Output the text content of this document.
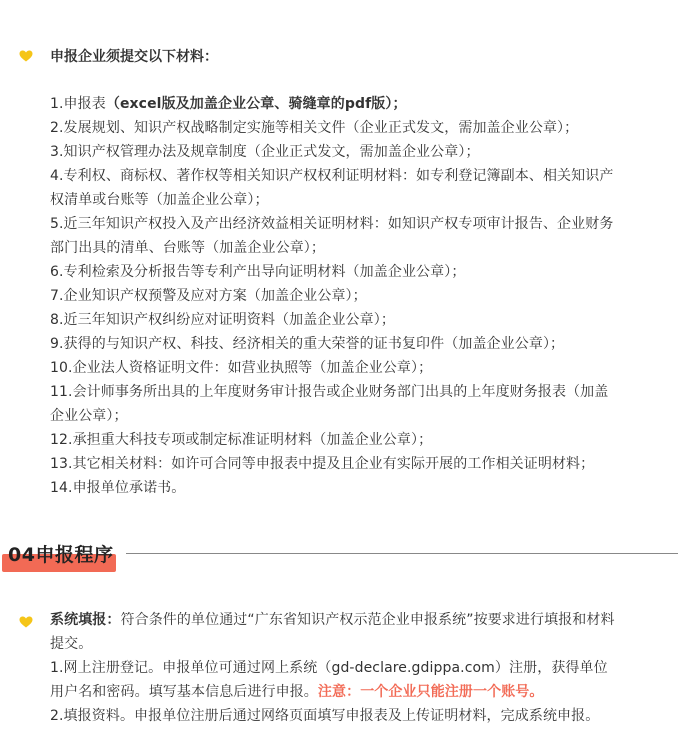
申报企业须提交以下材料：
1.申报表（excel版及加盖企业公章、骑缝章的pdf版）；
2.发展规划、知识产权战略制定实施等相关文件（企业正式发文，需加盖企业公章）；
3.知识产权管理办法及规章制度（企业正式发文，需加盖企业公章）；
4.专利权、商标权、著作权等相关知识产权权利证明材料：如专利登记簿副本、相关知识产
权清单或台账等（加盖企业公章）；
5.近三年知识产权投入及产出经济效益相关证明材料：如知识产权专项审计报告、企业财务
部门出具的清单、台账等（加盖企业公章）；
6.专利检索及分析报告等专利产出导向证明材料（加盖企业公章）；
7.企业知识产权预警及应对方案（加盖企业公章）；
8.近三年知识产权纠纷应对证明资料（加盖企业公章）；
9.获得的与知识产权、科技、经济相关的重大荣誉的证书复印件（加盖企业公章）；
10.企业法人资格证明文件：如营业执照等（加盖企业公章）；
11.会计师事务所出具的上年度财务审计报告或企业财务部门出具的上年度财务报表（加盖
企业公章）；
12.承担重大科技专项或制定标准证明材料（加盖企业公章）；
13.其它相关材料：如许可合同等申报表中提及且企业有实际开展的工作相关证明材料；
14.申报单位承诺书。
04申报程序
系统填报：符合条件的单位通过“广东省知识产权示范企业申报系统”按要求进行填报和材料
提交。
1.网上注册登记。申报单位可通过网上系统（gd-declare.gdippa.com）注册，获得单位
用户名和密码。填写基本信息后进行申报。注意：一个企业只能注册一个账号。
2.填报资料。申报单位注册后通过网络页面填写申报表及上传证明材料，完成系统申报。
